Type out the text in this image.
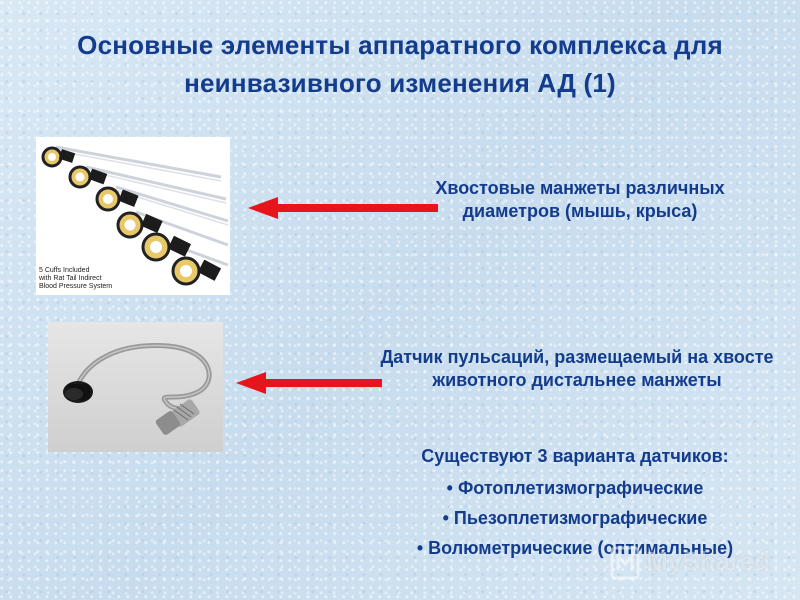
Основные элементы аппаратного комплекса для неинвазивного изменения АД (1)
5 Cuffs Included
with Rat Tail Indirect
Blood Pressure System
Хвостовые манжеты различных диаметров (мышь, крыса)
Датчик пульсаций, размещаемый на хвосте животного дистальнее манжеты
Существуют 3 варианта датчиков:
• Фотоплетизмографические
• Пьезоплетизмографические
• Волюметрические (оптимальные)
MyShared
